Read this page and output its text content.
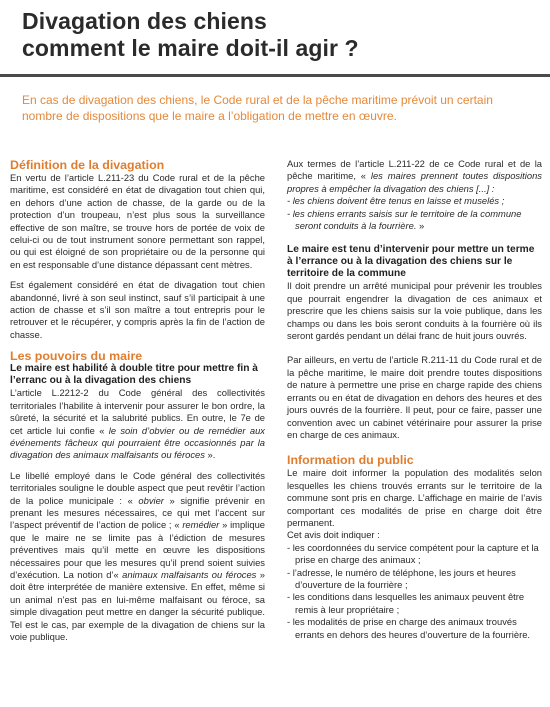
Divagation des chiens
comment le maire doit-il agir ?

En cas de divagation des chiens, le Code rural et de la pêche maritime prévoit un certain nombre de dispositions que le maire a l’obligation de mettre en œuvre.

Définition de la divagation

En vertu de l’article L.211-23 du Code rural et de la pêche maritime, est considéré en état de divagation tout chien qui, en dehors d’une action de chasse, de la garde ou de la protection d’un troupeau, n’est plus sous la surveillance effective de son maître, se trouve hors de portée de voix de celui-ci ou de tout instrument sonore permettant son rappel, ou qui est éloigné de son propriétaire ou de la personne qui en est responsable d’une distance dépassant cent mètres.

Est également considéré en état de divagation tout chien abandonné, livré à son seul instinct, sauf s’il participait à une action de chasse et s’il son maître a tout entrepris pour le retrouver et le récupérer, y compris après la fin de l’action de chasse.

Les pouvoirs du maire
Le maire est habilité à double titre pour mettre fin à l’erranc ou à la divagation des chiens

L’article L.2212-2 du Code général des collectivités territoriales l’habilite à intervenir pour assurer le bon ordre, la sûreté, la sécurité et la salubrité publics. En outre, le 7e de cet article lui confie « le soin d’obvier ou de remédier aux événements fâcheux qui pourraient être occasionnés par la divagation des animaux malfaisants ou féroces ».

Le libellé employé dans le Code général des collectivités territoriales souligne le double aspect que peut revêtir l’action de la police municipale : « obvier » signifie prévenir en prenant les mesures nécessaires, ce qui met l’accent sur l’aspect préventif de l’action de police ; « remédier » implique que le maire ne se limite pas à l’édiction de mesures préventives mais qu’il mette en œuvre les dispositions nécessaires pour que les mesures qu’il prend soient suivies d’exécution. La notion d’« animaux malfaisants ou féroces » doit être interprétée de manière extensive. En effet, même si un animal n’est pas en lui-même malfaisant ou féroce, sa simple divagation peut mettre en danger la sécurité publique. Tel est le cas, par exemple de la divagation de chiens sur la voie publique.

Aux termes de l’article L.211-22 de ce Code rural et de la pêche maritime, « les maires prennent toutes dispositions propres à empêcher la divagation des chiens [...] :

- les chiens doivent être tenus en laisse et muselés ;
- les chiens errants saisis sur le territoire de la commune seront conduits à la fourrière. »
Le maire est tenu d’intervenir pour mettre un terme à l’errance ou à la divagation des chiens sur le territoire de la commune

Il doit prendre un arrêté municipal pour prévenir les troubles que pourrait engendrer la divagation de ces animaux et prescrire que les chiens saisis sur la voie publique, dans les champs ou dans les bois seront conduits à la fourrière où ils seront gardés pendant un délai franc de huit jours ouvrés.

Par ailleurs, en vertu de l’article R.211-11 du Code rural et de la pêche maritime, le maire doit prendre toutes dispositions de nature à permettre une prise en charge rapide des chiens errants ou en état de divagation en dehors des heures et des jours ouvrés de la fourrière. Il peut, pour ce faire, passer une convention avec un cabinet vétérinaire pour assurer la prise en charge de ces animaux.

Information du public

Le maire doit informer la population des modalités selon lesquelles les chiens trouvés errants sur le territoire de la commune sont pris en charge. L’affichage en mairie de l’avis comportant ces modalités de prise en charge doit être permanent.

Cet avis doit indiquer :

- les coordonnées du service compétent pour la capture et la prise en charge des animaux ;
- l’adresse, le numéro de téléphone, les jours et heures d’ouverture de la fourrière ;
- les conditions dans lesquelles les animaux peuvent être remis à leur propriétaire ;
- les modalités de prise en charge des animaux trouvés errants en dehors des heures d’ouverture de la fourrière.
